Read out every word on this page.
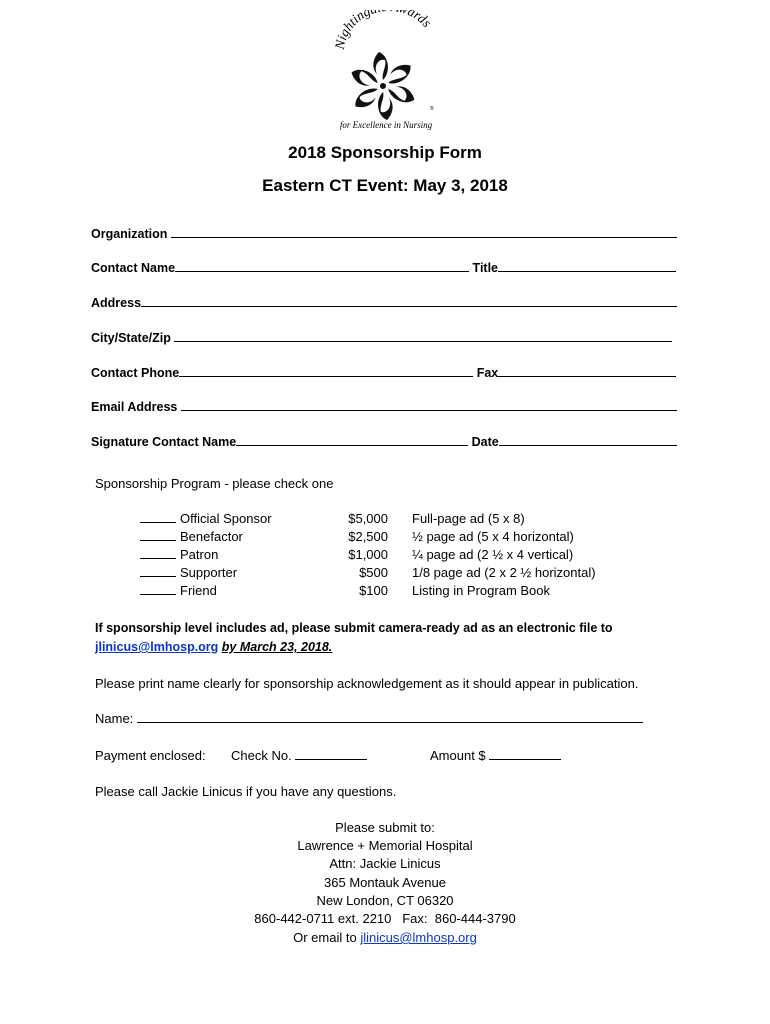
Nighting ards
®
for Excellence in Nursing
2018 Sponsorship Form
Eastern CT Event: May 3, 2018
Organization
Contact Name	Title
Address
City/State/Zip
Contact Phone	Fax
Email Address
Signature Contact Name	Date
Sponsorship Program - please check one
Official Sponsor	$5,000 Full-page ad (5 x 8)
Benefactor	$2,500 ½ page ad (5 x 4 horizontal)
Patron	$1,000 ¼ page ad (2 ½ x 4 vertical)
Supporter	$500 1/8 page ad (2 x 2 ½ horizontal)
Friend	$100 Listing in Program Book
If sponsorship level includes ad, please submit camera-ready ad as an electronic file to
jlinicus@lmhosp.org by March 23, 2018.
Please print name clearly for sponsorship acknowledgement as it should appear in publication.
Name:
Payment enclosed: Check No.	Amount $
Please call Jackie Linicus if you have any questions.
Please submit to:
Lawrence + Memorial Hospital
Attn: Jackie Linicus
365 Montauk Avenue
New London, CT 06320
860-442-0711 ext. 2210   Fax:  860-444-3790
Or email to jlinicus@lmhosp.org
